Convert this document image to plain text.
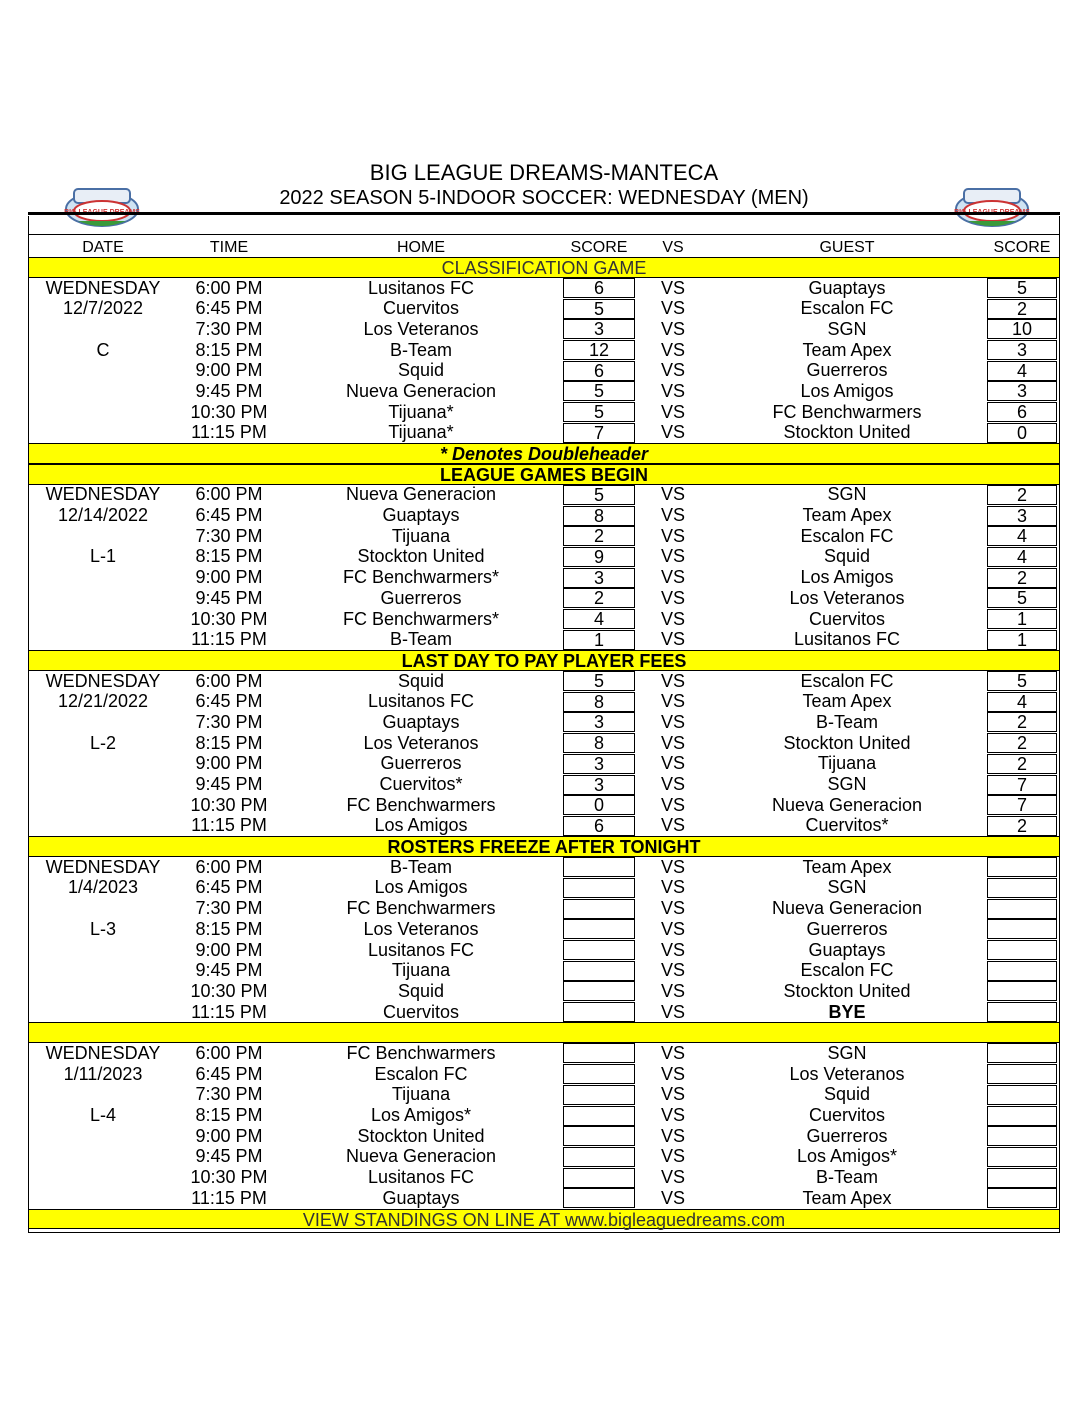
BIG LEAGUE DREAMS-MANTECA
2022 SEASON 5-INDOOR SOCCER: WEDNESDAY (MEN)
DATE	TIME	HOME	SCORE	VS	GUEST	SCORE
CLASSIFICATION GAME
WEDNESDAY	6:00 PM	Lusitanos FC	6	VS	Guaptays	5
12/7/2022	6:45 PM	Cuervitos	5	VS	Escalon FC	2
7:30 PM	Los Veteranos	3	VS	SGN	10
C	8:15 PM	B-Team	12	VS	Team Apex	3
9:00 PM	Squid	6	VS	Guerreros	4
9:45 PM	Nueva Generacion	5	VS	Los Amigos	3
10:30 PM	Tijuana*	5	VS	FC Benchwarmers	6
11:15 PM	Tijuana*	7	VS	Stockton United	0
* Denotes Doubleheader
LEAGUE GAMES BEGIN
WEDNESDAY	6:00 PM	Nueva Generacion	5	VS	SGN	2
12/14/2022	6:45 PM	Guaptays	8	VS	Team Apex	3
7:30 PM	Tijuana	2	VS	Escalon FC	4
L-1	8:15 PM	Stockton United	9	VS	Squid	4
9:00 PM	FC Benchwarmers*	3	VS	Los Amigos	2
9:45 PM	Guerreros	2	VS	Los Veteranos	5
10:30 PM	FC Benchwarmers*	4	VS	Cuervitos	1
11:15 PM	B-Team	1	VS	Lusitanos FC	1
LAST DAY TO PAY PLAYER FEES
WEDNESDAY	6:00 PM	Squid	5	VS	Escalon FC	5
12/21/2022	6:45 PM	Lusitanos FC	8	VS	Team Apex	4
7:30 PM	Guaptays	3	VS	B-Team	2
L-2	8:15 PM	Los Veteranos	8	VS	Stockton United	2
9:00 PM	Guerreros	3	VS	Tijuana	2
9:45 PM	Cuervitos*	3	VS	SGN	7
10:30 PM	FC Benchwarmers	0	VS	Nueva Generacion	7
11:15 PM	Los Amigos	6	VS	Cuervitos*	2
ROSTERS FREEZE AFTER TONIGHT
WEDNESDAY	6:00 PM	B-Team	VS	Team Apex
1/4/2023	6:45 PM	Los Amigos	VS	SGN
7:30 PM	FC Benchwarmers	VS	Nueva Generacion
L-3	8:15 PM	Los Veteranos	VS	Guerreros
9:00 PM	Lusitanos FC	VS	Guaptays
9:45 PM	Tijuana	VS	Escalon FC
10:30 PM	Squid	VS	Stockton United
11:15 PM	Cuervitos	VS	BYE
WEDNESDAY	6:00 PM	FC Benchwarmers	VS	SGN
1/11/2023	6:45 PM	Escalon FC	VS	Los Veteranos
7:30 PM	Tijuana	VS	Squid
L-4	8:15 PM	Los Amigos*	VS	Cuervitos
9:00 PM	Stockton United	VS	Guerreros
9:45 PM	Nueva Generacion	VS	Los Amigos*
10:30 PM	Lusitanos FC	VS	B-Team
11:15 PM	Guaptays	VS	Team Apex
VIEW STANDINGS ON LINE AT www.bigleaguedreams.com
